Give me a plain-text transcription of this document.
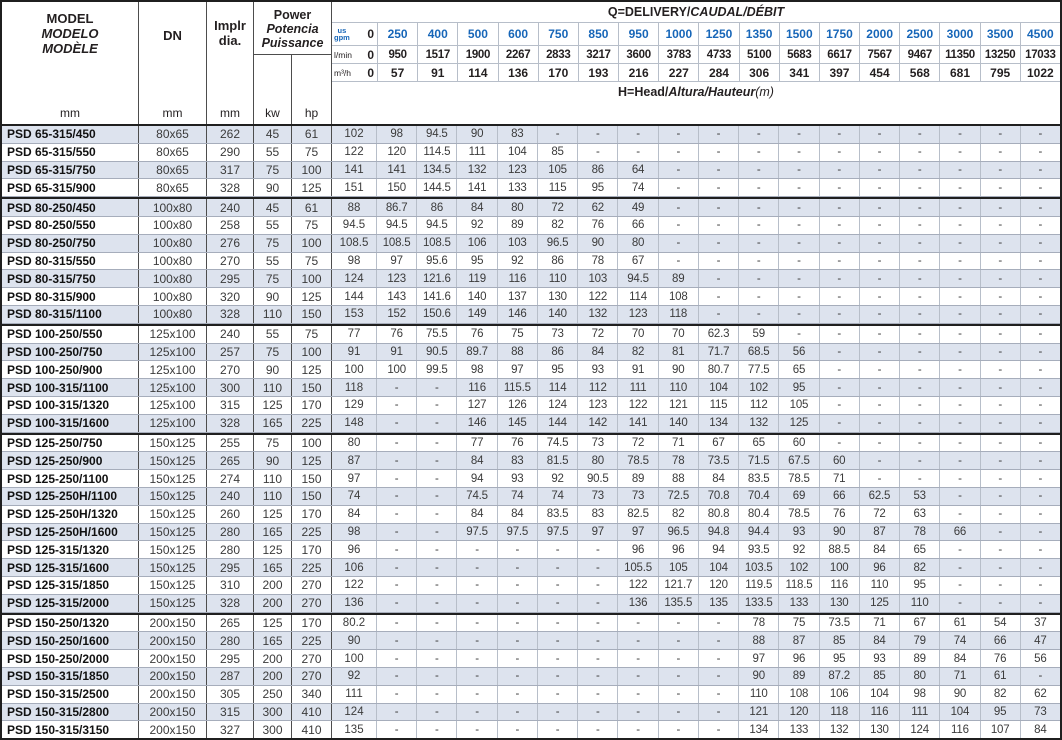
MODEL
MODELO
MODÈLE
mm
DN
mm
Implr
dia.
mm
Power
Potencia
Puissance
kw hp
Q=DELIVERY/CAUDAL/DÉBIT
us
gpm 0	250	400	500	600	750	850	950	1000	1250	1350	1500	1750	2000	2500	3000	3500	4500
l/min 0	950	1517	1900	2267	2833	3217	3600	3783	4733	5100	5683	6617	7567	9467	11350 13250 17033
m³/h 0	57	91	114	136	170	193	216	227	284	306	341	397	454	568	681	795	1022
H=Head/Altura/Hauteur(m)
PSD 65-315/450	80x65	262	45	61	102	98	94.5	90	83	-	-	-	-	-	-	-	-	-	-	-	-	-
PSD 65-315/550	80x65	290	55	75	122	120	114.5	111	104	85	-	-	-	-	-	-	-	-	-	-	-	-
PSD 65-315/750	80x65	317	75	100	141	141	134.5	132	123	105	86	64	-	-	-	-	-	-	-	-	-	-
PSD 65-315/900	80x65	328	90	125	151	150	144.5	141	133	115	95	74	-	-	-	-	-	-	-	-	-	-
PSD 80-250/450	100x80	240	45	61	88	86.7	86	84	80	72	62	49	-	-	-	-	-	-	-	-	-	-
PSD 80-250/550	100x80	258	55	75	94.5	94.5	94.5	92	89	82	76	66	-	-	-	-	-	-	-	-	-	-
PSD 80-250/750	100x80	276	75	100	108.5	108.5	108.5	106	103	96.5	90	80	-	-	-	-	-	-	-	-	-	-
PSD 80-315/550	100x80	270	55	75	98	97	95.6	95	92	86	78	67	-	-	-	-	-	-	-	-	-	-
PSD 80-315/750	100x80	295	75	100	124	123	121.6	119	116	110	103	94.5	89	-	-	-	-	-	-	-	-	-
PSD 80-315/900	100x80	320	90	125	144	143	141.6	140	137	130	122	114	108	-	-	-	-	-	-	-	-	-
PSD 80-315/1100	100x80	328	110	150	153	152	150.6	149	146	140	132	123	118	-	-	-	-	-	-	-	-	-
PSD 100-250/550	125x100	240	55	75	77	76	75.5	76	75	73	72	70	70	62.3	59	-	-	-	-	-	-	-
PSD 100-250/750	125x100	257	75	100	91	91	90.5	89.7	88	86	84	82	81	71.7	68.5	56	-	-	-	-	-	-
PSD 100-250/900	125x100	270	90	125	100	100	99.5	98	97	95	93	91	90	80.7	77.5	65	-	-	-	-	-	-
PSD 100-315/1100	125x100	300	110	150	118	-	-	116	115.5	114	112	111	110	104	102	95	-	-	-	-	-	-
PSD 100-315/1320	125x100	315	125	170	129	-	-	127	126	124	123	122	121	115	112	105	-	-	-	-	-	-
PSD 100-315/1600	125x100	328	165	225	148	-	-	146	145	144	142	141	140	134	132	125	-	-	-	-	-	-
PSD 125-250/750	150x125	255	75	100	80	-	-	77	76	74.5	73	72	71	67	65	60	-	-	-	-	-	-
PSD 125-250/900	150x125	265	90	125	87	-	-	84	83	81.5	80	78.5	78	73.5	71.5	67.5	60	-	-	-	-	-
PSD 125-250/1100	150x125	274	110	150	97	-	-	94	93	92	90.5	89	88	84	83.5	78.5	71	-	-	-	-	-
PSD 125-250H/1100	150x125	240	110	150	74	-	-	74.5	74	74	73	73	72.5	70.8	70.4	69	66	62.5	53	-	-	-
PSD 125-250H/1320	150x125	260	125	170	84	-	-	84	84	83.5	83	82.5	82	80.8	80.4	78.5	76	72	63	-	-	-
PSD 125-250H/1600	150x125	280	165	225	98	-	-	97.5	97.5	97.5	97	97	96.5	94.8	94.4	93	90	87	78	66	-	-
PSD 125-315/1320	150x125	280	125	170	96	-	-	-	-	-	-	96	96	94	93.5	92	88.5	84	65	-	-	-
PSD 125-315/1600	150x125	295	165	225	106	-	-	-	-	-	-	105.5	105	104	103.5	102	100	96	82	-	-	-
PSD 125-315/1850	150x125	310	200	270	122	-	-	-	-	-	-	122	121.7	120	119.5	118.5	116	110	95	-	-	-
PSD 125-315/2000	150x125	328	200	270	136	-	-	-	-	-	-	136	135.5	135	133.5	133	130	125	110	-	-	-
PSD 150-250/1320	200x150	265	125	170	80.2	-	-	-	-	-	-	-	-	-	78	75	73.5	71	67	61	54	37
PSD 150-250/1600	200x150	280	165	225	90	-	-	-	-	-	-	-	-	-	88	87	85	84	79	74	66	47
PSD 150-250/2000	200x150	295	200	270	100	-	-	-	-	-	-	-	-	-	97	96	95	93	89	84	76	56
PSD 150-315/1850	200x150	287	200	270	92	-	-	-	-	-	-	-	-	-	90	89	87.2	85	80	71	61	-
PSD 150-315/2500	200x150	305	250	340	111	-	-	-	-	-	-	-	-	-	110	108	106	104	98	90	82	62
PSD 150-315/2800	200x150	315	300	410	124	-	-	-	-	-	-	-	-	-	121	120	118	116	111	104	95	73
PSD 150-315/3150	200x150	327	300	410	135	-	-	-	-	-	-	-	-	-	134	133	132	130	124	116	107	84
